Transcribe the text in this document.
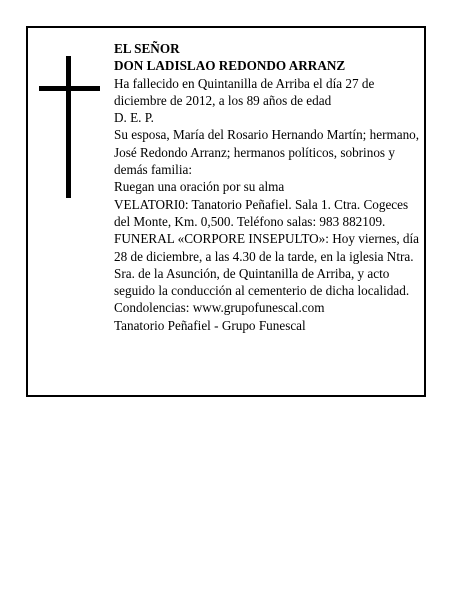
EL SEÑOR

DON LADISLAO REDONDO ARRANZ

Ha fallecido en Quintanilla de Arriba el día 27 de diciembre de 2012, a los 89 años de edad

D. E. P.

Su esposa, María del Rosario Hernando Martín; hermano, José Redondo Arranz; hermanos políticos, sobrinos y demás familia:

Ruegan una oración por su alma

VELATORI0: Tanatorio Peñafiel. Sala 1. Ctra. Cogeces del Monte, Km. 0,500. Teléfono salas: 983 882109.

FUNERAL «CORPORE INSEPULTO»: Hoy viernes, día 28 de diciembre, a las 4.30 de la tarde, en la iglesia Ntra. Sra. de la Asunción, de Quintanilla de Arriba, y acto seguido la conducción al cementerio de dicha localidad. Condolencias: www.grupofunescal.com

Tanatorio Peñafiel - Grupo Funescal
